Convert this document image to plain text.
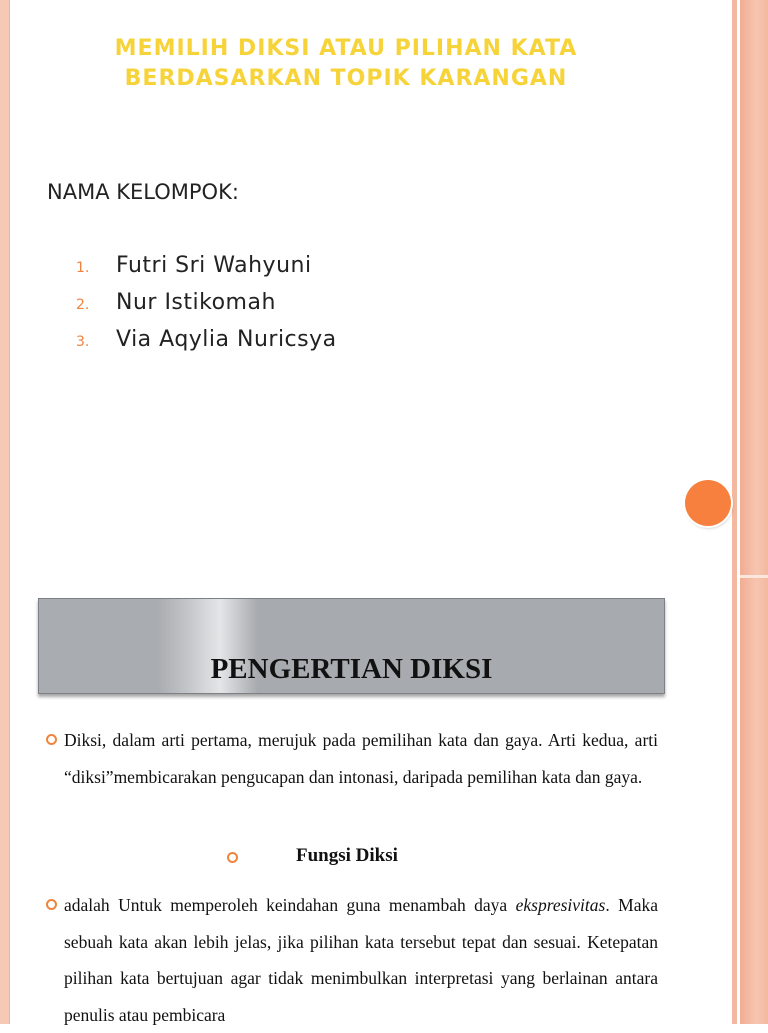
MEMILIH DIKSI ATAU PILIHAN KATA
BERDASARKAN TOPIK KARANGAN
NAMA KELOMPOK:
1.	Futri Sri Wahyuni
2.	Nur Istikomah
3.	Via Aqylia Nuricsya
PENGERTIAN DIKSI
Diksi, dalam arti pertama, merujuk pada pemilihan kata dan gaya. Arti kedua, arti “diksi”membicarakan pengucapan dan intonasi, daripada pemilihan kata dan gaya.
Fungsi Diksi
adalah Untuk memperoleh keindahan guna menambah daya ekspresivitas. Maka sebuah kata akan lebih jelas, jika pilihan kata tersebut tepat dan sesuai. Ketepatan pilihan kata bertujuan agar tidak menimbulkan interpretasi yang berlainan antara penulis atau pembicara
